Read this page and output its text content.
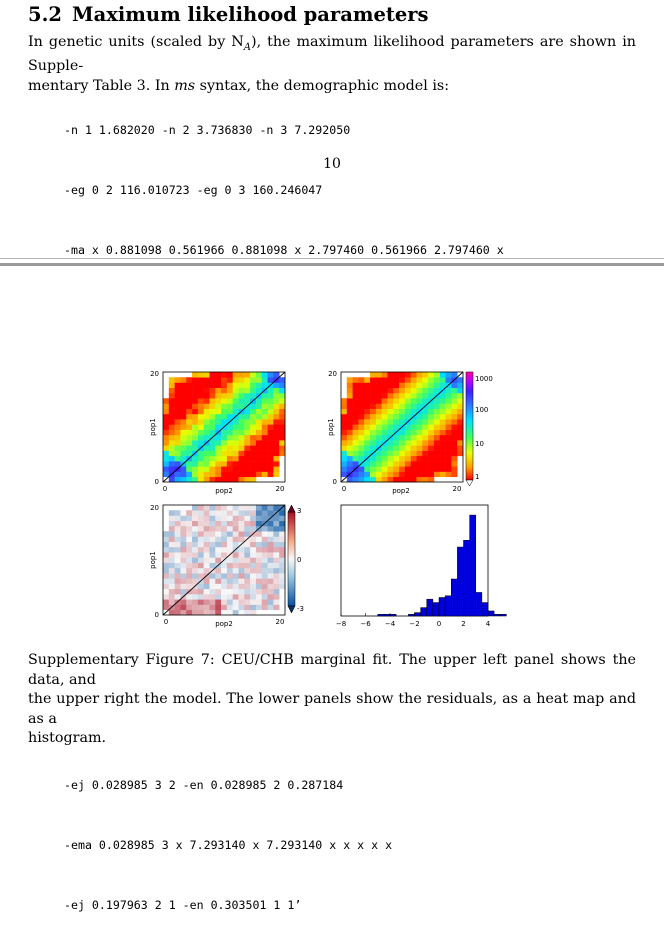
5.2 Maximum likelihood parameters
In genetic units (scaled by $N_A$), the maximum likelihood parameters are shown in Supple-
mentary Table 3. In ms syntax, the demographic model is:

-n 1 1.682020 -n 2 3.736830 -n 3 7.292050

-eg 0 2 116.010723 -eg 0 3 160.246047

-ma x 0.881098 0.561966 0.881098 x 2.797460 0.561966 2.797460 x

10
0
20
0	20
pop2
pop1
0
20
0	20
pop2
pop1
1000
100
10
1
0
20
0	20
pop2
pop1
3
0
-3
−8 −6 −4 −2 0	2	4
Supplementary Figure 7: CEU/CHB marginal fit. The upper left panel shows the data, and
the upper right the model. The lower panels show the residuals, as a heat map and as a
histogram.

-ej 0.028985 3 2 -en 0.028985 2 0.287184

-ema 0.028985 3 x 7.293140 x 7.293140 x x x x x

-ej 0.197963 2 1 -en 0.303501 1 1’
